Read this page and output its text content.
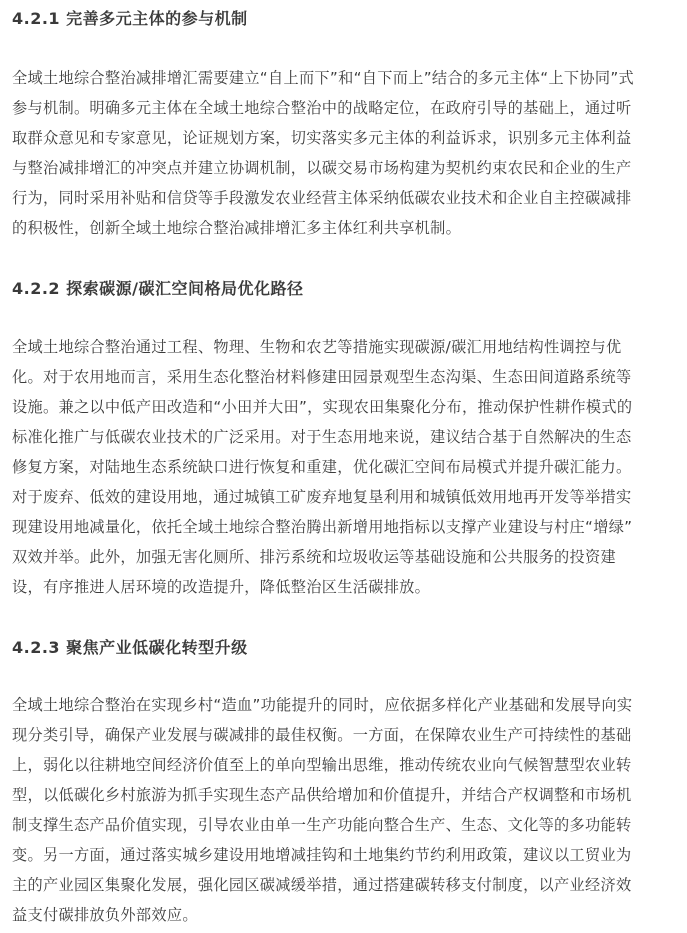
4.2.1 完善多元主体的参与机制
全域土地综合整治减排增汇需要建立“自上而下”和“自下而上”结合的多元主体“上下协同”式
参与机制。明确多元主体在全域土地综合整治中的战略定位，在政府引导的基础上，通过听
取群众意见和专家意见，论证规划方案，切实落实多元主体的利益诉求，识别多元主体利益
与整治减排增汇的冲突点并建立协调机制，以碳交易市场构建为契机约束农民和企业的生产
行为，同时采用补贴和信贷等手段激发农业经营主体采纳低碳农业技术和企业自主控碳减排
的积极性，创新全域土地综合整治减排增汇多主体红利共享机制。
4.2.2 探索碳源/碳汇空间格局优化路径
全域土地综合整治通过工程、物理、生物和农艺等措施实现碳源/碳汇用地结构性调控与优
化。对于农用地而言，采用生态化整治材料修建田园景观型生态沟渠、生态田间道路系统等
设施。兼之以中低产田改造和“小田并大田”，实现农田集聚化分布，推动保护性耕作模式的
标准化推广与低碳农业技术的广泛采用。对于生态用地来说，建议结合基于自然解决的生态
修复方案，对陆地生态系统缺口进行恢复和重建，优化碳汇空间布局模式并提升碳汇能力。
对于废弃、低效的建设用地，通过城镇工矿废弃地复垦利用和城镇低效用地再开发等举措实
现建设用地减量化，依托全域土地综合整治腾出新增用地指标以支撑产业建设与村庄“增绿”
双效并举。此外，加强无害化厕所、排污系统和垃圾收运等基础设施和公共服务的投资建
设，有序推进人居环境的改造提升，降低整治区生活碳排放。
4.2.3 聚焦产业低碳化转型升级
全域土地综合整治在实现乡村“造血”功能提升的同时，应依据多样化产业基础和发展导向实
现分类引导，确保产业发展与碳减排的最佳权衡。一方面，在保障农业生产可持续性的基础
上，弱化以往耕地空间经济价值至上的单向型输出思维，推动传统农业向气候智慧型农业转
型，以低碳化乡村旅游为抓手实现生态产品供给增加和价值提升，并结合产权调整和市场机
制支撑生态产品价值实现，引导农业由单一生产功能向整合生产、生态、文化等的多功能转
变。另一方面，通过落实城乡建设用地增减挂钩和土地集约节约利用政策，建议以工贸业为
主的产业园区集聚化发展，强化园区碳减缓举措，通过搭建碳转移支付制度，以产业经济效
益支付碳排放负外部效应。
